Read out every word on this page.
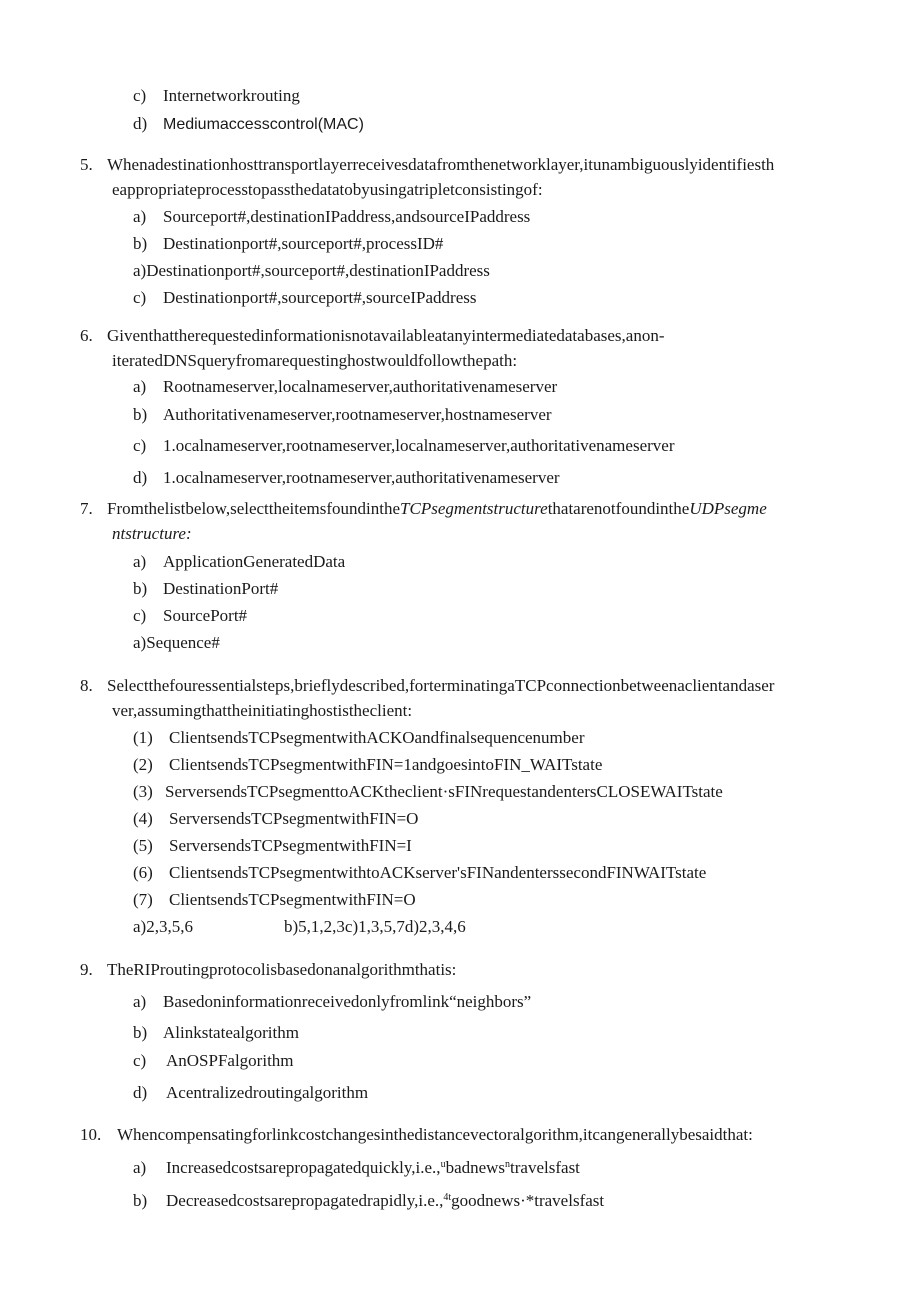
c) Internetworkrouting
d) Mediumaccesscontrol(MAC)
5. Whenadestinationhosttransportlayerreceivesdatafromthenetworklayer,itunambiguouslyidentifiesth
eappropriateprocesstopassthedatatobyusingatripletconsistingof:
a) Sourceport#,destinationIPaddress,andsourceIPaddress
b) Destinationport#,sourceport#,processID#
a)Destinationport#,sourceport#,destinationIPaddress
c) Destinationport#,sourceport#,sourceIPaddress
6. Giventhattherequestedinformationisnotavailableatanyintermediatedatabases,anon-
iteratedDNSqueryfromarequestinghostwouldfollowthepath:
a) Rootnameserver,localnameserver,authoritativenameserver
b) Authoritativenameserver,rootnameserver,hostnameserver
c) 1.ocalnameserver,rootnameserver,localnameserver,authoritativenameserver
d) 1.ocalnameserver,rootnameserver,authoritativenameserver
7. Fromthelistbelow,selecttheitemsfoundintheTCPsegmentstructurethatarenotfoundintheUDPsegme
ntstructure:
a) ApplicationGeneratedData
b) DestinationPort#
c) SourcePort#
a)Sequence#
8. Selectthefouressentialsteps,brieflydescribed,forterminatingaTCPconnectionbetweenaclientandaser
ver,assumingthattheinitiatinghostistheclient:
(1) ClientsendsTCPsegmentwithACKOandfinalsequencenumber
(2) ClientsendsTCPsegmentwithFIN=1andgoesintoFIN_WAITstate
(3) ServersendsTCPsegmenttoACKtheclient·sFINrequestandentersCLOSEWAITstate
(4) ServersendsTCPsegmentwithFIN=O
(5) ServersendsTCPsegmentwithFIN=I
(6) ClientsendsTCPsegmentwithtoACKserver'sFINandenterssecondFINWAITstate
(7) ClientsendsTCPsegmentwithFIN=O
a)2,3,5,6	b)5,1,2,3c)1,3,5,7d)2,3,4,6
9. TheRIProutingprotocolisbasedonanalgorithmthatis:
a) Basedoninformationreceivedonlyfromlink“neighbors”
b) Alinkstatealgorithm
c) AnOSPFalgorithm
d) Acentralizedroutingalgorithm
10. Whencompensatingforlinkcostchangesinthedistancevectoralgorithm,itcangenerallybesaidthat:
a) Increasedcostsarepropagatedquickly,i.e.,$^u$badnews$^n$travelsfast
b) Decreasedcostsarepropagatedrapidly,i.e.,$^{4t}$goodnews·*travelsfast
